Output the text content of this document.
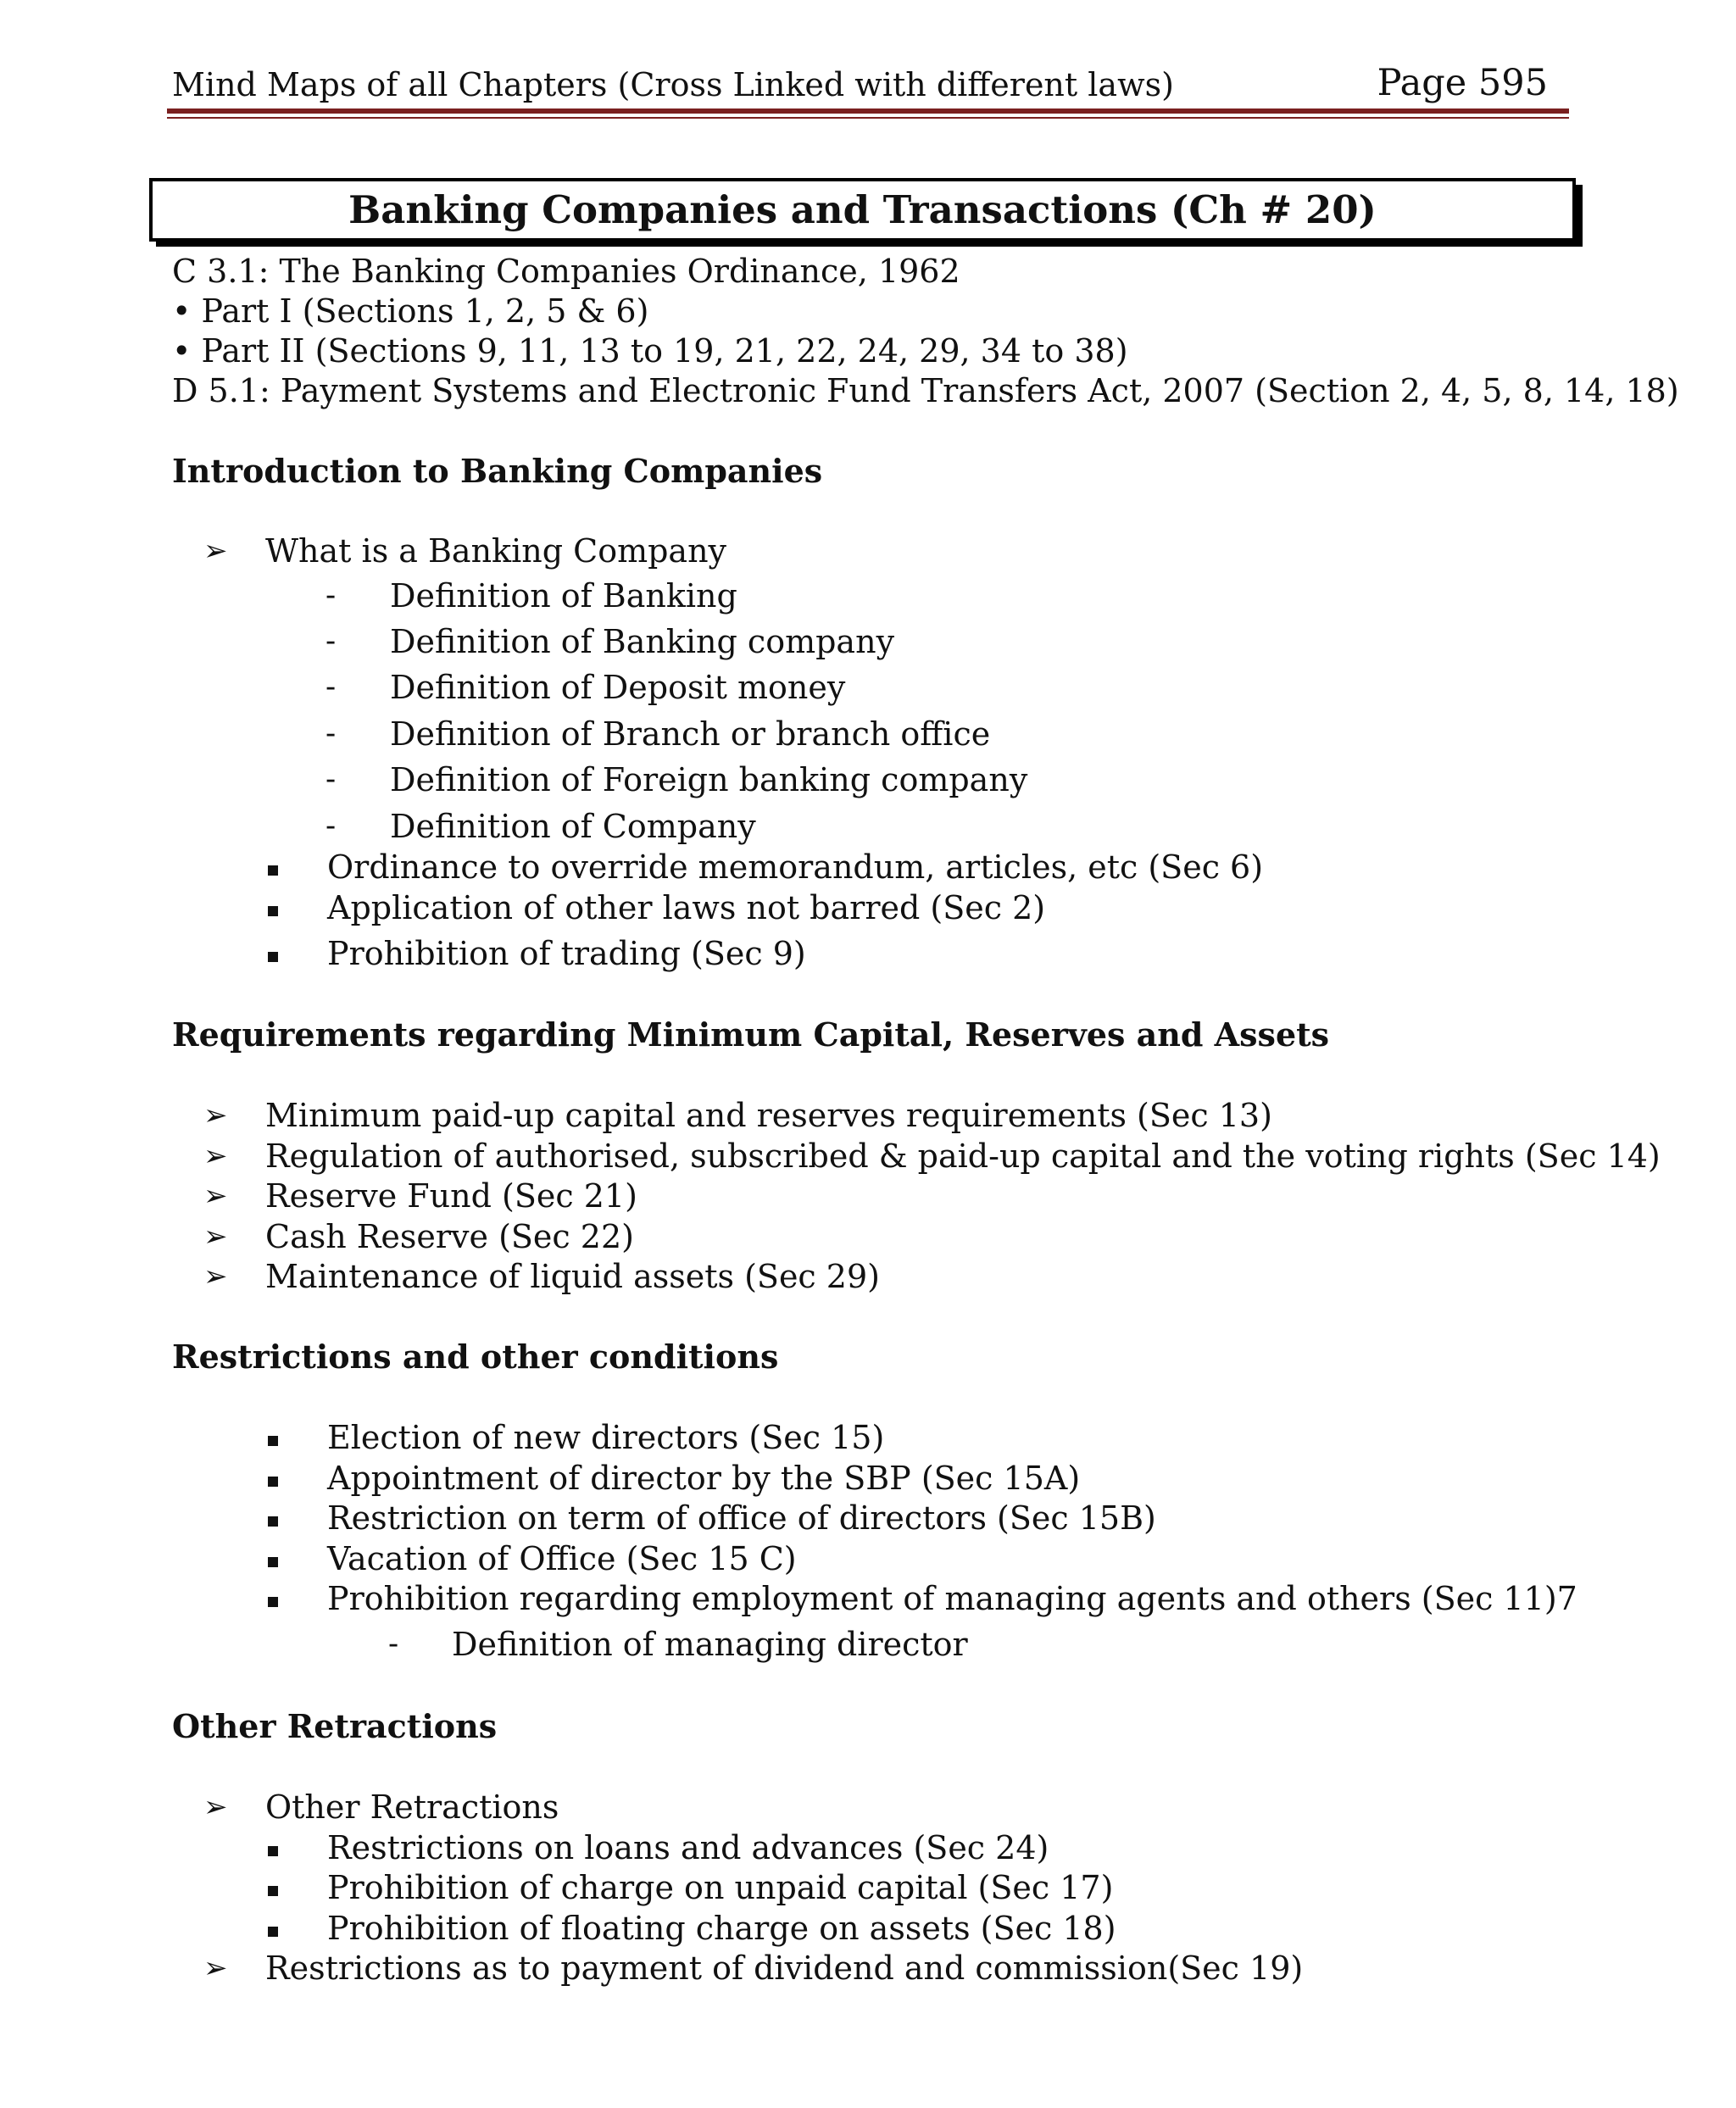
Mind Maps of all Chapters (Cross Linked with different laws)	Page 595
Banking Companies and Transactions (Ch # 20)
C 3.1: The Banking Companies Ordinance, 1962
• Part I (Sections 1, 2, 5 & 6)
• Part II (Sections 9, 11, 13 to 19, 21, 22, 24, 29, 34 to 38)
D 5.1: Payment Systems and Electronic Fund Transfers Act, 2007 (Section 2, 4, 5, 8, 14, 18)
Introduction to Banking Companies
➢ What is a Banking Company
- Definition of Banking
- Definition of Banking company
- Definition of Deposit money
- Definition of Branch or branch office
- Definition of Foreign banking company
- Definition of Company
Ordinance to override memorandum, articles, etc (Sec 6)
Application of other laws not barred (Sec 2)
Prohibition of trading (Sec 9)
Requirements regarding Minimum Capital, Reserves and Assets
➢ Minimum paid-up capital and reserves requirements (Sec 13)
➢ Regulation of authorised, subscribed & paid-up capital and the voting rights (Sec 14)
➢ Reserve Fund (Sec 21)
➢ Cash Reserve (Sec 22)
➢ Maintenance of liquid assets (Sec 29)
Restrictions and other conditions
Election of new directors (Sec 15)
Appointment of director by the SBP (Sec 15A)
Restriction on term of office of directors (Sec 15B)
Vacation of Office (Sec 15 C)
Prohibition regarding employment of managing agents and others (Sec 11)7
- Definition of managing director
Other Retractions
➢ Other Retractions
Restrictions on loans and advances (Sec 24)
Prohibition of charge on unpaid capital (Sec 17)
Prohibition of floating charge on assets (Sec 18)
➢ Restrictions as to payment of dividend and commission(Sec 19)
